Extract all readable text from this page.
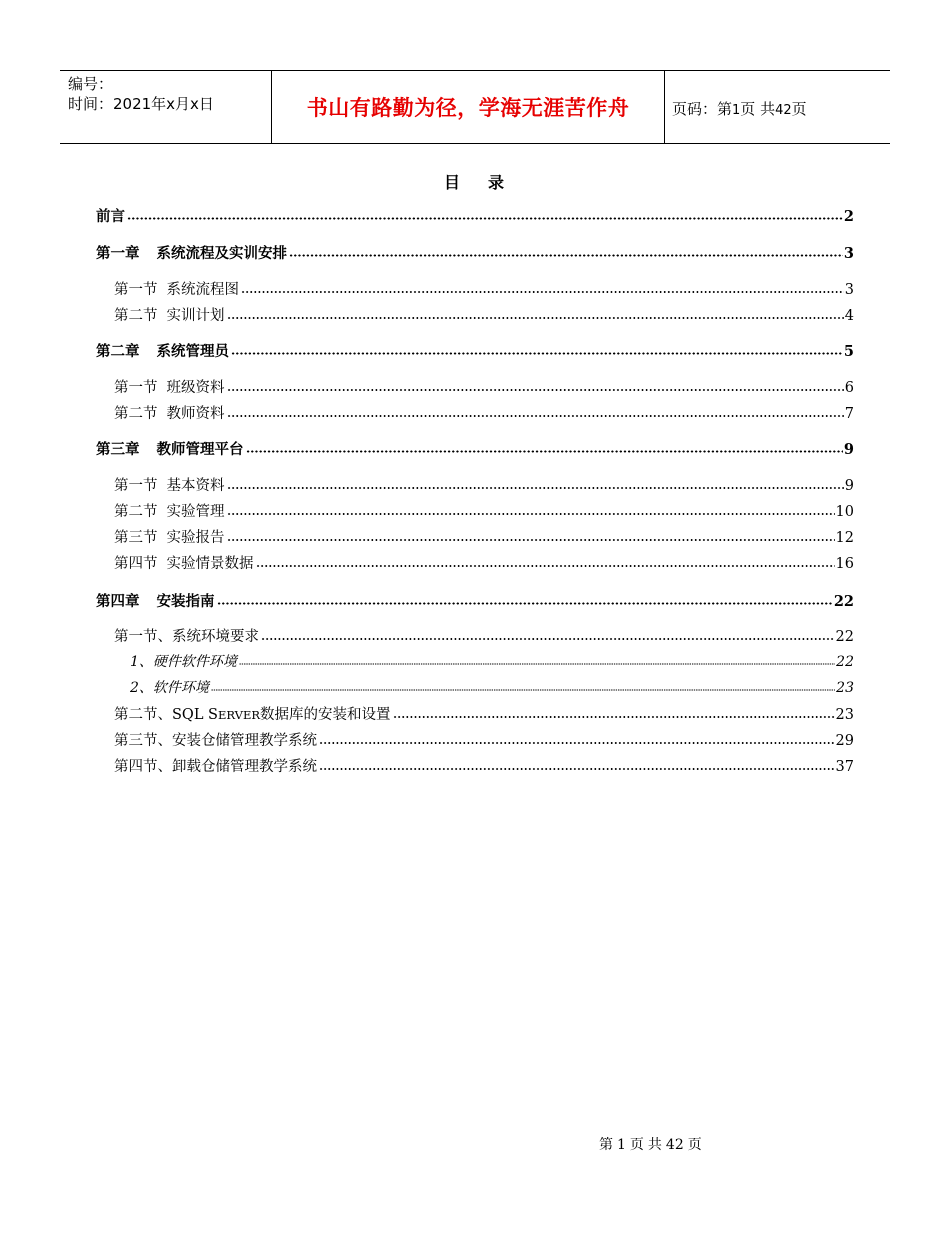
编号：
时间：2021年x月x日	书山有路勤为径，学海无涯苦作舟	页码：第1页 共42页
目 录
前言	2
第一章 系统流程及实训安排	3
第一节 系统流程图	3
第二节 实训计划	4
第二章 系统管理员	5
第一节 班级资料	6
第二节 教师资料	7
第三章 教师管理平台	9
第一节 基本资料	9
第二节 实验管理	10
第三节 实验报告	12
第四节 实验情景数据	16
第四章 安装指南	22
第一节、系统环境要求	22
1、硬件软件环境	22
2、软件环境	23
第二节、SQL SERVER数据库的安装和设置	23
第三节、安装仓储管理教学系统	29
第四节、卸载仓储管理教学系统	37
第 1 页 共 42 页
